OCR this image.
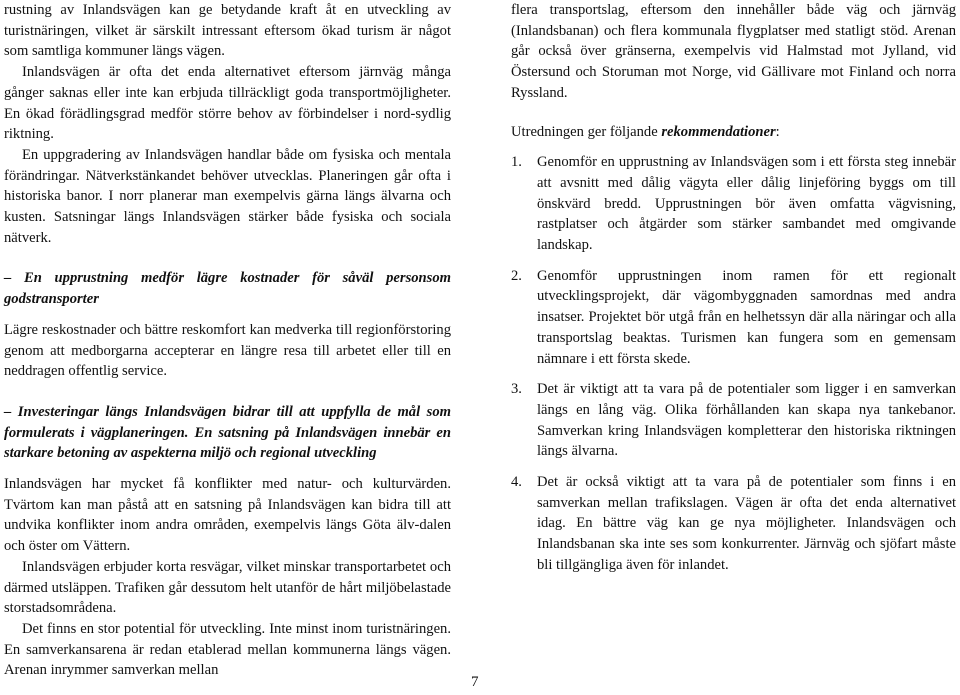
rustning av Inlandsvägen kan ge betydande kraft åt en utveckling av turistnäringen, vilket är särskilt intressant eftersom ökad turism är något som samtliga kommuner längs vägen.

Inlandsvägen är ofta det enda alternativet eftersom järnväg många gånger saknas eller inte kan erbjuda tillräckligt goda transportmöjligheter. En ökad förädlingsgrad medför större behov av förbindelser i nord-sydlig riktning.

En uppgradering av Inlandsvägen handlar både om fysiska och mentala förändringar. Nätverkstänkandet behöver utvecklas. Planeringen går ofta i historiska banor. I norr planerar man exempelvis gärna längs älvarna och kusten. Satsningar längs Inlandsvägen stärker både fysiska och sociala nätverk.

– En upprustning medför lägre kostnader för såväl personsom godstransporter

Lägre reskostnader och bättre reskomfort kan medverka till regionförstoring genom att medborgarna accepterar en längre resa till arbetet eller till en neddragen offentlig service.

– Investeringar längs Inlandsvägen bidrar till att uppfylla de mål som formulerats i vägplaneringen. En satsning på Inlandsvägen innebär en starkare betoning av aspekterna miljö och regional utveckling

Inlandsvägen har mycket få konflikter med natur- och kulturvärden. Tvärtom kan man påstå att en satsning på Inlandsvägen kan bidra till att undvika konflikter inom andra områden, exempelvis längs Göta älv-dalen och öster om Vättern.

Inlandsvägen erbjuder korta resvägar, vilket minskar transportarbetet och därmed utsläppen. Trafiken går dessutom helt utanför de hårt miljöbelastade storstadsområdena.

Det finns en stor potential för utveckling. Inte minst inom turistnäringen. En samverkansarena är redan etablerad mellan kommunerna längs vägen. Arenan inrymmer samverkan mellan

flera transportslag, eftersom den innehåller både väg och järnväg (Inlandsbanan) och flera kommunala flygplatser med statligt stöd. Arenan går också över gränserna, exempelvis vid Halmstad mot Jylland, vid Östersund och Storuman mot Norge, vid Gällivare mot Finland och norra Ryssland.

Utredningen ger följande rekommendationer:

1. Genomför en upprustning av Inlandsvägen som i ett första steg innebär att avsnitt med dålig vägyta eller dålig linjeföring byggs om till önskvärd bredd. Upprustningen bör även omfatta vägvisning, rastplatser och åtgärder som stärker sambandet med omgivande landskap.
2. Genomför upprustningen inom ramen för ett regionalt utvecklingsprojekt, där vägombyggnaden samordnas med andra insatser. Projektet bör utgå från en helhetssyn där alla näringar och alla transportslag beaktas. Turismen kan fungera som en gemensam nämnare i ett första skede.
3. Det är viktigt att ta vara på de potentialer som ligger i en samverkan längs en lång väg. Olika förhållanden kan skapa nya tankebanor. Samverkan kring Inlandsvägen kompletterar den historiska riktningen längs älvarna.
4. Det är också viktigt att ta vara på de potentialer som finns i en samverkan mellan trafikslagen. Vägen är ofta det enda alternativet idag. En bättre väg kan ge nya möjligheter. Inlandsvägen och Inlandsbanan ska inte ses som konkurrenter. Järnväg och sjöfart måste bli tillgängliga även för inlandet.
7
